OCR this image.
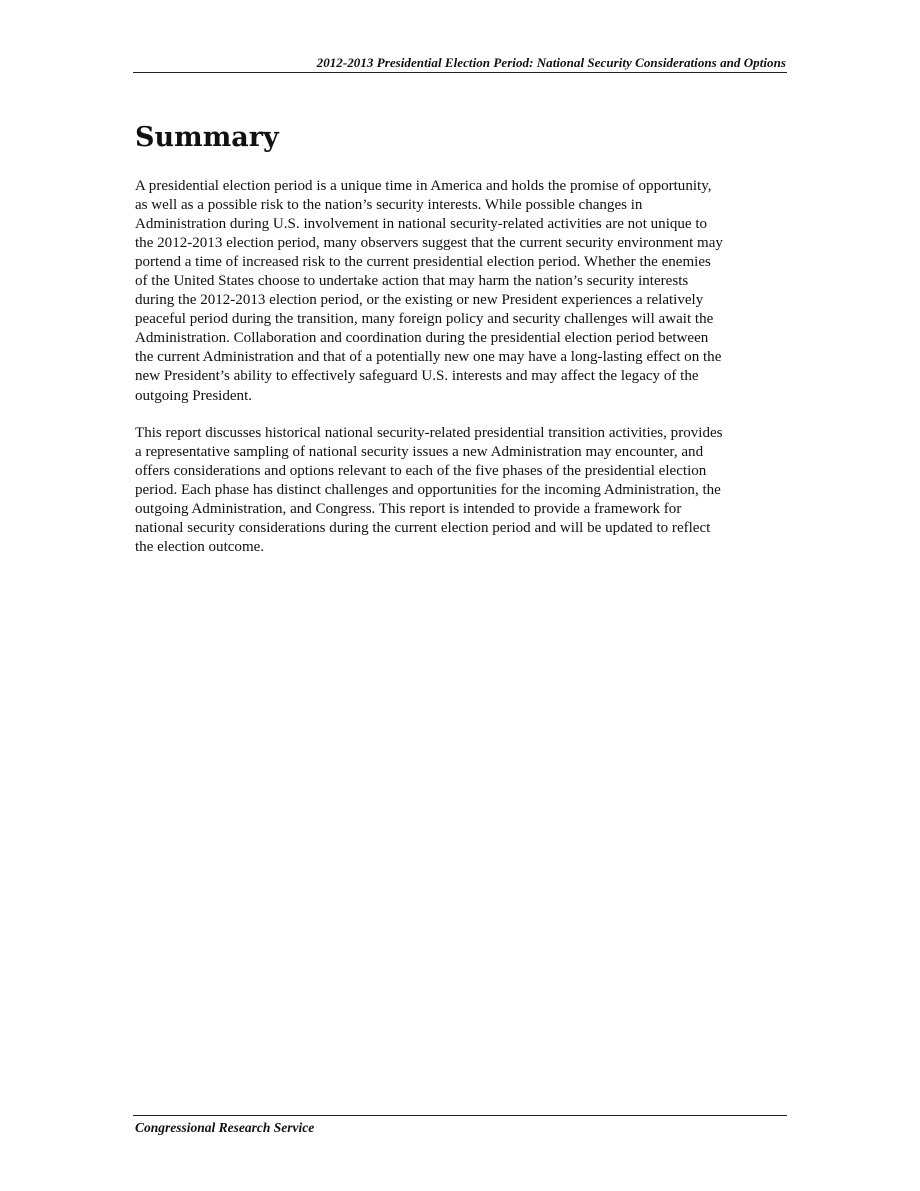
2012-2013 Presidential Election Period: National Security Considerations and Options
Summary

A presidential election period is a unique time in America and holds the promise of opportunity,
as well as a possible risk to the nation’s security interests. While possible changes in
Administration during U.S. involvement in national security-related activities are not unique to
the 2012-2013 election period, many observers suggest that the current security environment may
portend a time of increased risk to the current presidential election period. Whether the enemies
of the United States choose to undertake action that may harm the nation’s security interests
during the 2012-2013 election period, or the existing or new President experiences a relatively
peaceful period during the transition, many foreign policy and security challenges will await the
Administration. Collaboration and coordination during the presidential election period between
the current Administration and that of a potentially new one may have a long-lasting effect on the
new President’s ability to effectively safeguard U.S. interests and may affect the legacy of the
outgoing President.

This report discusses historical national security-related presidential transition activities, provides
a representative sampling of national security issues a new Administration may encounter, and
offers considerations and options relevant to each of the five phases of the presidential election
period. Each phase has distinct challenges and opportunities for the incoming Administration, the
outgoing Administration, and Congress. This report is intended to provide a framework for
national security considerations during the current election period and will be updated to reflect
the election outcome.

Congressional Research Service
